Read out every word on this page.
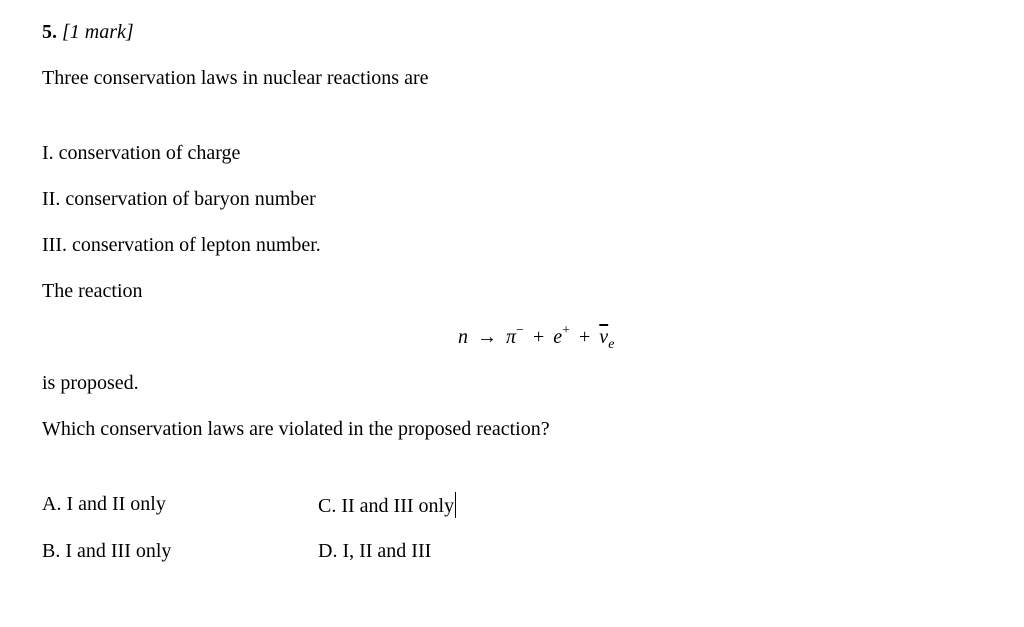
5. [1 mark]
Three conservation laws in nuclear reactions are
I. conservation of charge
II. conservation of baryon number
III. conservation of lepton number.
The reaction
$n \to \pi^- + e^+ + \overline{\nu}_e$
is proposed.
Which conservation laws are violated in the proposed reaction?
A. I and II only
B. I and III only
C. II and III only
D. I, II and III
